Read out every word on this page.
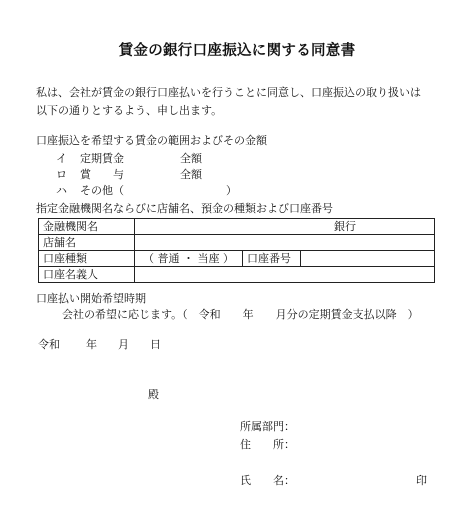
賃金の銀行口座振込に関する同意書
私は、会社が賃金の銀行口座払いを行うことに同意し、口座振込の取り扱いは
以下の通りとするよう、申し出ます。
口座振込を希望する賃金の範囲およびその金額
イ 定期賃金	全額
ロ 賞　　与	全額
ハ その他（	）
指定金融機関名ならびに店舗名、預金の種類および口座番号
金融機関名	銀行		
店舗名			
口座種類	（ 普通 ・ 当座 ）	口座番号	
口座名義人			
口座払い開始希望時期
会社の希望に応じます。（　令和　　年　　月分の定期賃金支払以降　）
令和 年 月 日
殿
所属部門：
住　　所：
氏　　名：	印
